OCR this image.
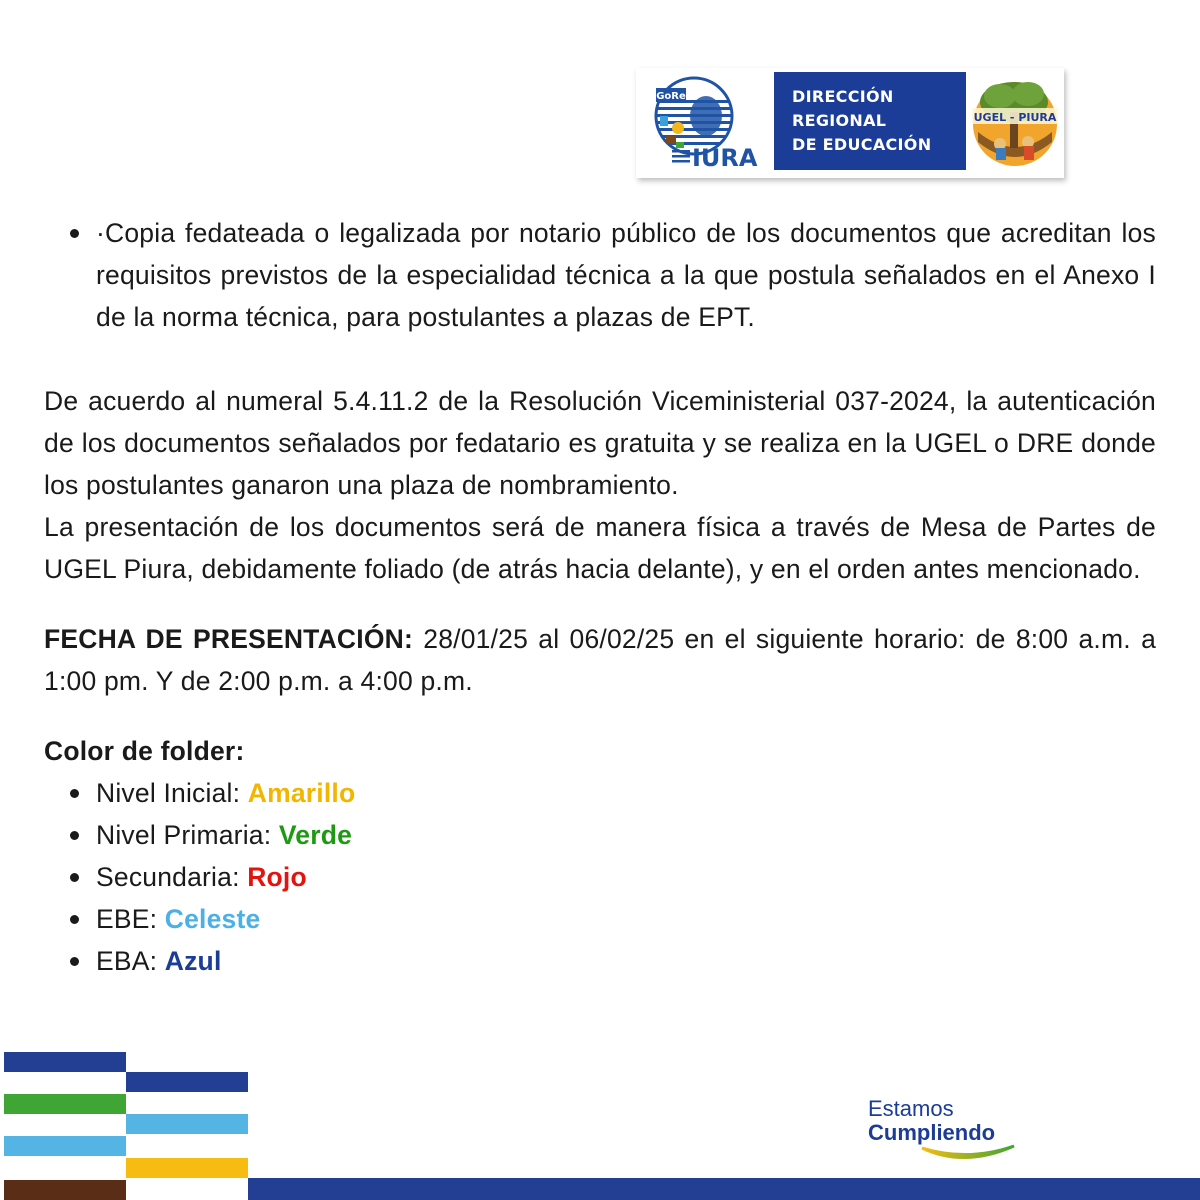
GoRe
IURA
DIRECCIÓN
REGIONAL
DE EDUCACIÓN
UGEL - PIURA
·Copia fedateada o legalizada por notario público de los documentos que acreditan los requisitos previstos de la especialidad técnica a la que postula señalados en el Anexo I de la norma técnica, para postulantes a plazas de EPT.

De acuerdo al numeral 5.4.11.2 de la Resolución Viceministerial 037-2024, la autenticación de los documentos señalados por fedatario es gratuita y se realiza en la UGEL o DRE donde los postulantes ganaron una plaza de nombramiento.

La presentación de los documentos será de manera física a través de Mesa de Partes de UGEL Piura, debidamente foliado (de atrás hacia delante), y en el orden antes mencionado.

FECHA DE PRESENTACIÓN: 28/01/25 al 06/02/25 en el siguiente horario: de 8:00 a.m. a 1:00 pm. Y de 2:00 p.m. a 4:00 p.m.

Color de folder:

Nivel Inicial: Amarillo
Nivel Primaria: Verde
Secundaria: Rojo
EBE: Celeste
EBA: Azul
Estamos
Cumpliendo
